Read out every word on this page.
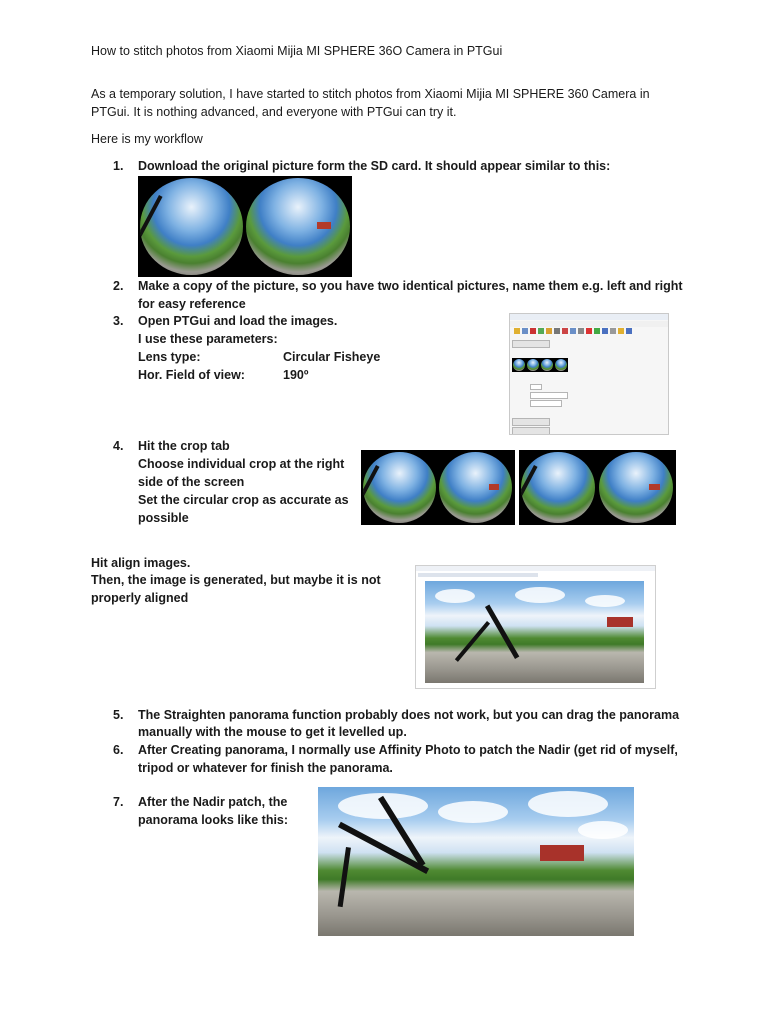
How to stitch photos from Xiaomi Mijia MI SPHERE 36O Camera in PTGui
As a temporary solution, I have started to stitch photos from Xiaomi Mijia MI SPHERE 360 Camera in
PTGui. It is nothing advanced, and everyone with PTGui can try it.
Here is my workflow
1. Download the original picture form the SD card. It should appear similar to this:
2. Make a copy of the picture, so you have two identical pictures, name them e.g. left and right
for easy reference
3. Open PTGui and load the images.
I use these parameters:
Lens type:	Circular Fisheye
Hor. Field of view:	190º
4. Hit the crop tab
Choose individual crop at the right
side of the screen
Set the circular crop as accurate as
possible
Hit align images.
Then, the image is generated, but maybe it is not
properly aligned
5. The Straighten panorama function probably does not work, but you can drag the panorama
manually with the mouse to get it levelled up.
6. After Creating panorama, I normally use Affinity Photo to patch the Nadir (get rid of myself,
tripod or whatever for finish the panorama.
7. After the Nadir patch, the
panorama looks like this:
